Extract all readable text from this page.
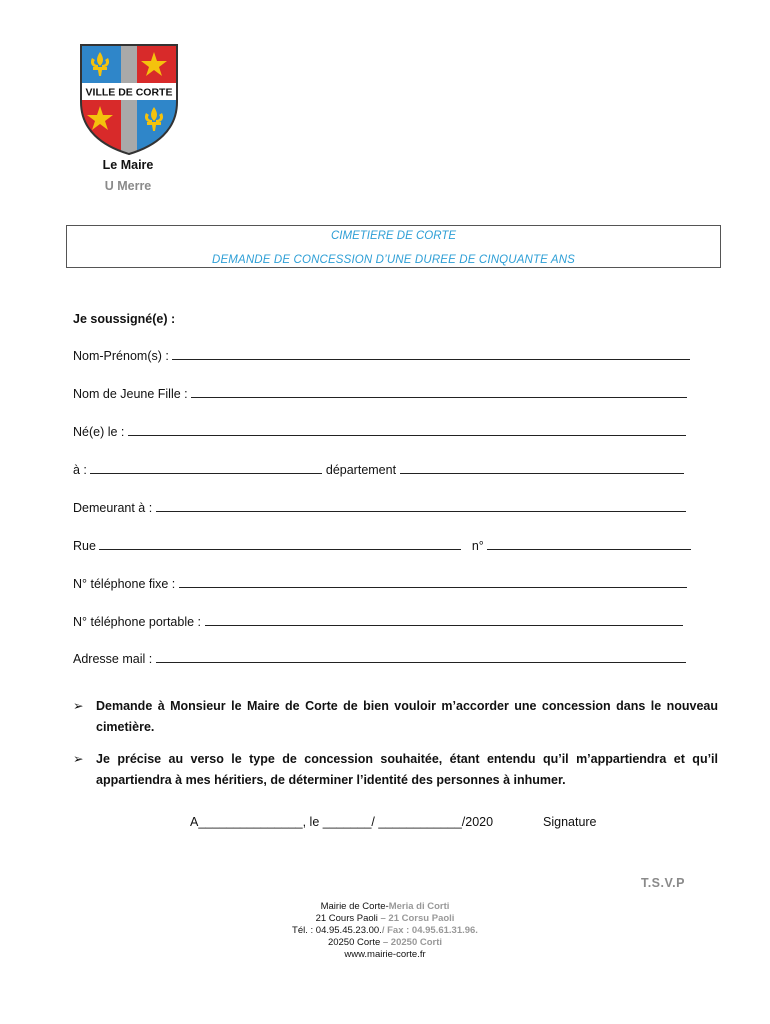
VILLE DE CORTE
Le Maire
U Merre
CIMETIERE DE CORTE
DEMANDE DE CONCESSION D’UNE DUREE DE CINQUANTE ANS
Je soussigné(e) :
Nom-Prénom(s) :
Nom de Jeune Fille :
Né(e) le :
à :	département
Demeurant à :
Rue	n°
N° téléphone fixe :
N° téléphone portable :
Adresse mail :
➢ Demande à Monsieur le Maire de Corte de bien vouloir m’accorder une concession dans le nouveau cimetière.
➢ Je précise au verso le type de concession souhaitée, étant entendu qu’il m’appartiendra et qu’il appartiendra à mes héritiers, de déterminer l’identité des personnes à inhumer.
A_______________, le _______/ ____________/2020	Signature
T.S.V.P
Mairie de Corte-Meria di Corti
21 Cours Paoli – 21 Corsu Paoli
Tél. : 04.95.45.23.00./ Fax : 04.95.61.31.96.
20250 Corte – 20250 Corti
www.mairie-corte.fr
